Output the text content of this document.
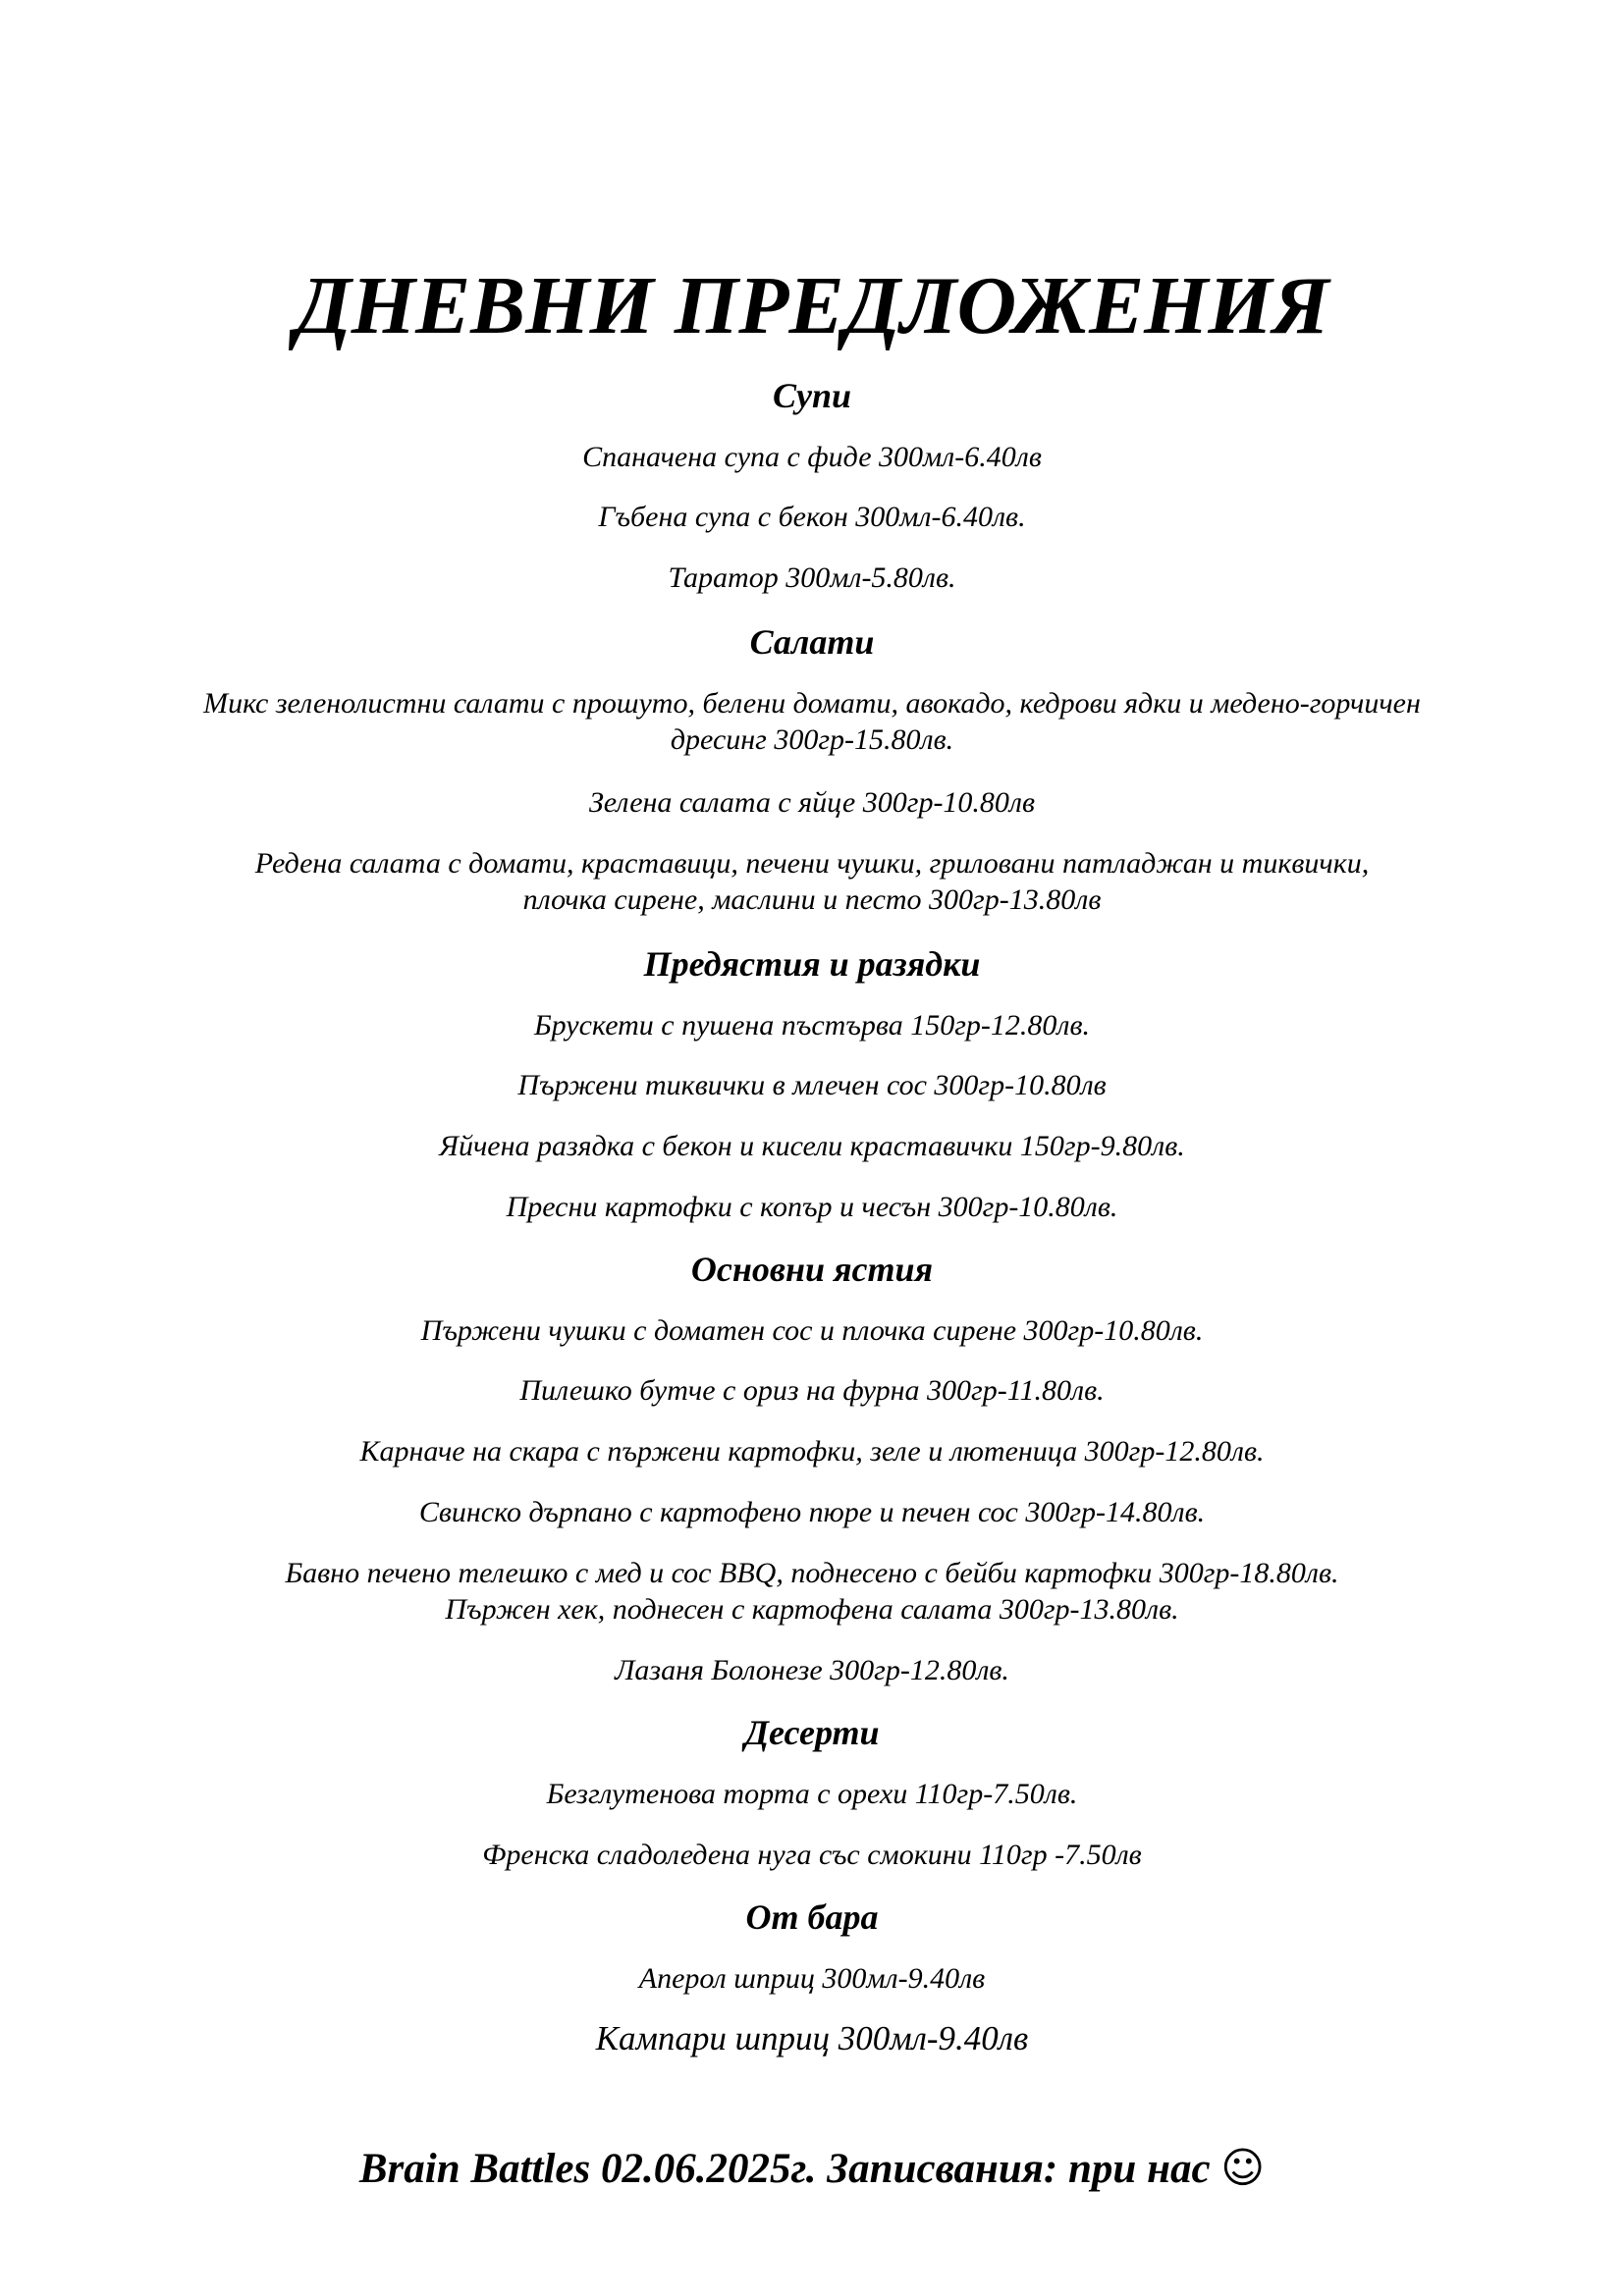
ДНЕВНИ ПРЕДЛОЖЕНИЯ
Супи

Спаначена супа с фиде 300мл-6.40лв

Гъбена супа с бекон 300мл-6.40лв.

Таратор 300мл-5.80лв.

Салати

Микс зеленолистни салати с прошуто, белени домати, авокадо, кедрови ядки и медено-горчичен дресинг 300гр-15.80лв.

Зелена салата с яйце 300гр-10.80лв

Редена салата с домати, краставици, печени чушки, гриловани патладжан и тиквички, плочка сирене, маслини и песто 300гр-13.80лв

Предястия и разядки

Брускети с пушена пъстърва 150гр-12.80лв.

Пържени тиквички в млечен сос 300гр-10.80лв

Яйчена разядка с бекон и кисели краставички 150гр-9.80лв.

Пресни картофки с копър и чесън 300гр-10.80лв.

Основни ястия

Пържени чушки с доматен сос и плочка сирене 300гр-10.80лв.

Пилешко бутче с ориз на фурна 300гр-11.80лв.

Карначе на скара с пържени картофки, зеле и лютеница 300гр-12.80лв.

Свинско дърпано с картофено пюре и печен сос 300гр-14.80лв.

Бавно печено телешко с мед и сос BBQ, поднесено с бейби картофки 300гр-18.80лв.

Пържен хек, поднесен с картофена салата 300гр-13.80лв.

Лазаня Болонезе 300гр-12.80лв.

Десерти

Безглутенова торта с орехи 110гр-7.50лв.

Френска сладоледена нуга със смокини 110гр -7.50лв

От бара

Аперол шприц 300мл-9.40лв

Кампари шприц 300мл-9.40лв

Brain Battles 02.06.2025г. Записвания: при нас ☺
